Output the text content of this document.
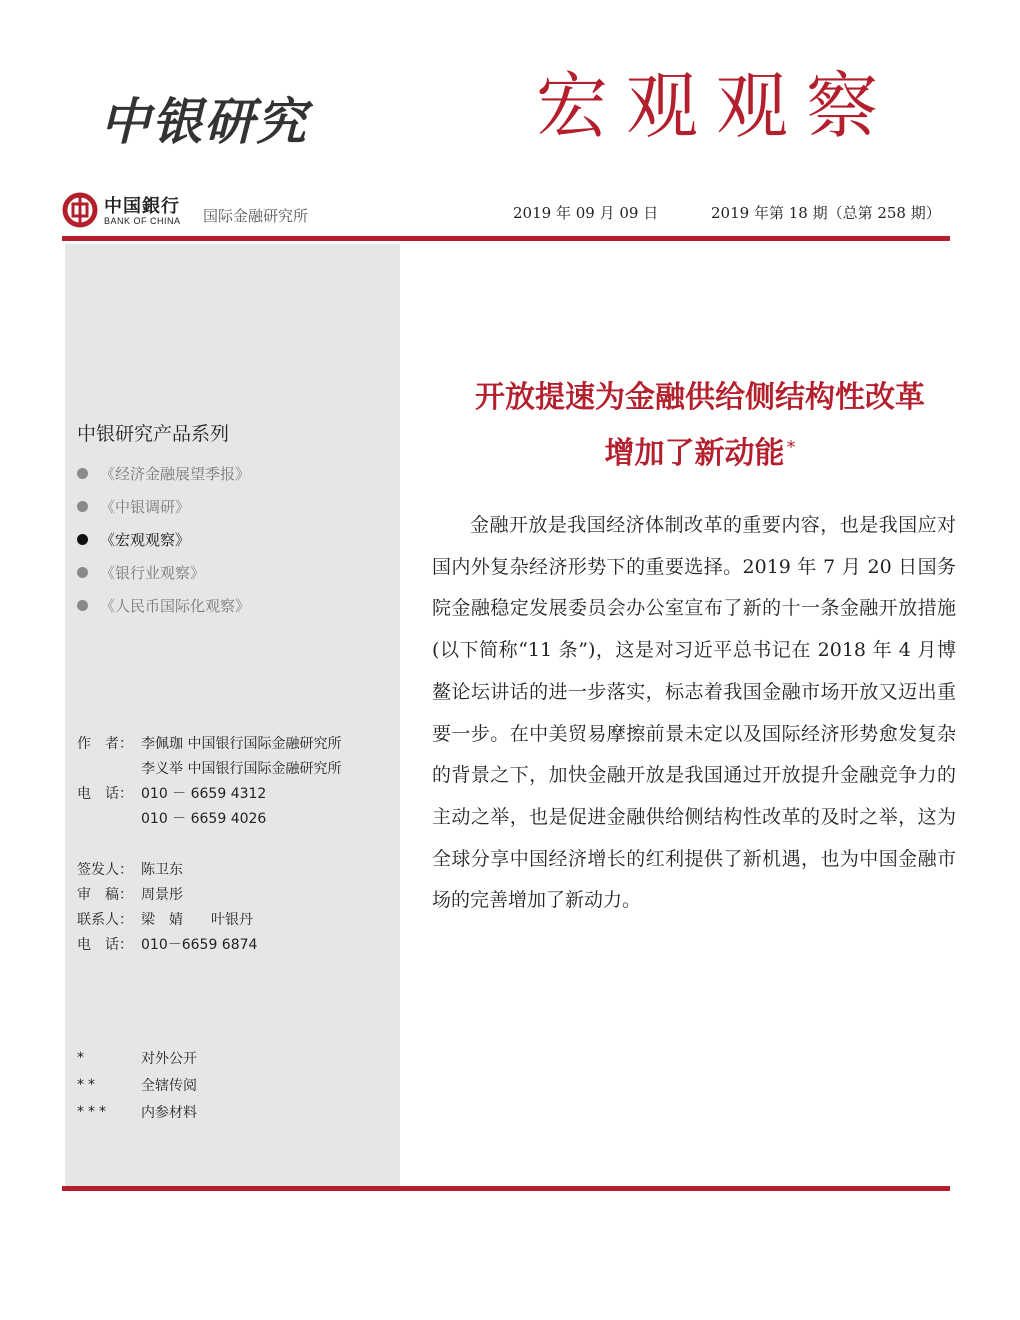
中银研究	宏观观察
中国銀行
BANK OF CHINA 国际金融研究所	2019 年 09 月 09 日	2019 年第 18 期（总第 258 期）
中银研究产品系列
《经济金融展望季报》
《中银调研》
《宏观观察》
《银行业观察》
《人民币国际化观察》
作　者： 李佩珈 中国银行国际金融研究所
李义举 中国银行国际金融研究所
电　话： 010 － 6659 4312
010 － 6659 4026
签发人： 陈卫东
审　稿： 周景彤
联系人： 梁　婧　　叶银丹
电　话： 010－6659 6874
*	对外公开
**	全辖传阅
***	内参材料
开放提速为金融供给侧结构性改革
增加了新动能 *

金融开放是我国经济体制改革的重要内容，也是我国应对国内外复杂经济形势下的重要选择。2019 年 7 月 20 日国务院金融稳定发展委员会办公室宣布了新的十一条金融开放措施(以下简称“11 条”)，这是对习近平总书记在 2018 年 4 月博鳌论坛讲话的进一步落实，标志着我国金融市场开放又迈出重要一步。在中美贸易摩擦前景未定以及国际经济形势愈发复杂的背景之下，加快金融开放是我国通过开放提升金融竞争力的主动之举，也是促进金融供给侧结构性改革的及时之举，这为全球分享中国经济增长的红利提供了新机遇，也为中国金融市场的完善增加了新动力。
